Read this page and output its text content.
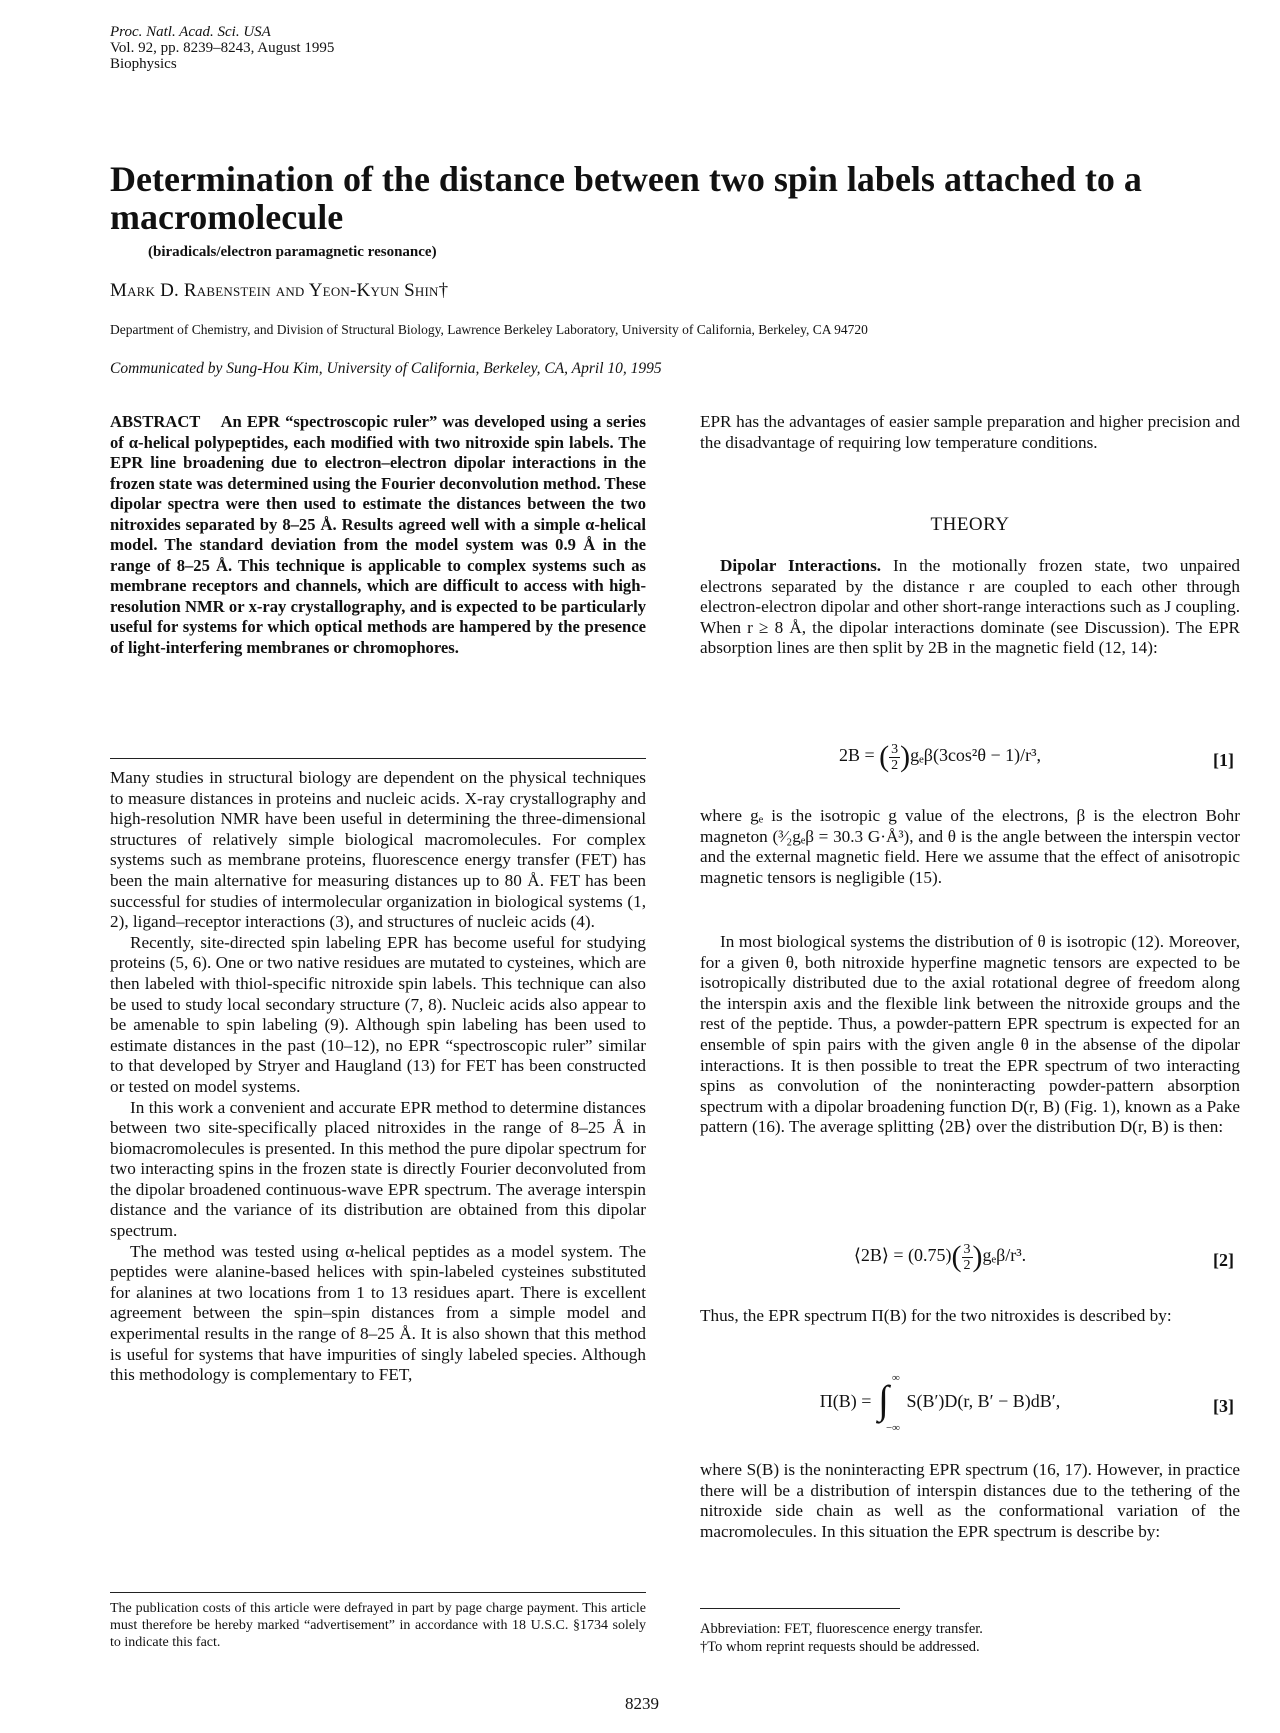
Proc. Natl. Acad. Sci. USA
Vol. 92, pp. 8239–8243, August 1995
Biophysics
Determination of the distance between two spin labels attached to a macromolecule
(biradicals/electron paramagnetic resonance)
Mark D. Rabenstein and Yeon-Kyun Shin†
Department of Chemistry, and Division of Structural Biology, Lawrence Berkeley Laboratory, University of California, Berkeley, CA 94720
Communicated by Sung-Hou Kim, University of California, Berkeley, CA, April 10, 1995
ABSTRACT An EPR “spectroscopic ruler” was developed using a series of α-helical polypeptides, each modified with two nitroxide spin labels. The EPR line broadening due to electron–electron dipolar interactions in the frozen state was determined using the Fourier deconvolution method. These dipolar spectra were then used to estimate the distances between the two nitroxides separated by 8–25 Å. Results agreed well with a simple α-helical model. The standard deviation from the model system was 0.9 Å in the range of 8–25 Å. This technique is applicable to complex systems such as membrane receptors and channels, which are difficult to access with high-resolution NMR or x-ray crystallography, and is expected to be particularly useful for systems for which optical methods are hampered by the presence of light-interfering membranes or chromophores.

Many studies in structural biology are dependent on the physical techniques to measure distances in proteins and nucleic acids. X-ray crystallography and high-resolution NMR have been useful in determining the three-dimensional structures of relatively simple biological macromolecules. For complex systems such as membrane proteins, fluorescence energy transfer (FET) has been the main alternative for measuring distances up to 80 Å. FET has been successful for studies of intermolecular organization in biological systems (1, 2), ligand–receptor interactions (3), and structures of nucleic acids (4).

Recently, site-directed spin labeling EPR has become useful for studying proteins (5, 6). One or two native residues are mutated to cysteines, which are then labeled with thiol-specific nitroxide spin labels. This technique can also be used to study local secondary structure (7, 8). Nucleic acids also appear to be amenable to spin labeling (9). Although spin labeling has been used to estimate distances in the past (10–12), no EPR “spectroscopic ruler” similar to that developed by Stryer and Haugland (13) for FET has been constructed or tested on model systems.

In this work a convenient and accurate EPR method to determine distances between two site-specifically placed nitroxides in the range of 8–25 Å in biomacromolecules is presented. In this method the pure dipolar spectrum for two interacting spins in the frozen state is directly Fourier deconvoluted from the dipolar broadened continuous-wave EPR spectrum. The average interspin distance and the variance of its distribution are obtained from this dipolar spectrum.

The method was tested using α-helical peptides as a model system. The peptides were alanine-based helices with spin-labeled cysteines substituted for alanines at two locations from 1 to 13 residues apart. There is excellent agreement between the spin–spin distances from a simple model and experimental results in the range of 8–25 Å. It is also shown that this method is useful for systems that have impurities of singly labeled species. Although this methodology is complementary to FET,

The publication costs of this article were defrayed in part by page charge payment. This article must therefore be hereby marked “advertisement” in accordance with 18 U.S.C. §1734 solely to indicate this fact.
EPR has the advantages of easier sample preparation and higher precision and the disadvantage of requiring low temperature conditions.
THEORY

Dipolar Interactions. In the motionally frozen state, two unpaired electrons separated by the distance r are coupled to each other through electron-electron dipolar and other short-range interactions such as J coupling. When r ≥ 8 Å, the dipolar interactions dominate (see Discussion). The EPR absorption lines are then split by 2B in the magnetic field (12, 14):

2B = ( $\frac{3}{2} )g_e\beta(3\cos^2\theta - 1)/r^3$,	[1]
where gₑ is the isotropic g value of the electrons, β is the electron Bohr magneton (³⁄₂gₑβ = 30.3 G·Å³), and θ is the angle between the interspin vector and the external magnetic field. Here we assume that the effect of anisotropic magnetic tensors is negligible (15).

In most biological systems the distribution of θ is isotropic (12). Moreover, for a given θ, both nitroxide hyperfine magnetic tensors are expected to be isotropically distributed due to the axial rotational degree of freedom along the interspin axis and the flexible link between the nitroxide groups and the rest of the peptide. Thus, a powder-pattern EPR spectrum is expected for an ensemble of spin pairs with the given angle θ in the absense of the dipolar interactions. It is then possible to treat the EPR spectrum of two interacting spins as convolution of the noninteracting powder-pattern absorption spectrum with a dipolar broadening function D(r, B) (Fig. 1), known as a Pake pattern (16). The average splitting ⟨2B⟩ over the distribution D(r, B) is then:

⟨2B⟩ = $(0.75)( \frac{3}{2} )g_e\beta/r^3$.	[2]
Thus, the EPR spectrum Π(B) for the two nitroxides is described by:
Π(B) = ∫ ∞
−∞
S(B′)D(r, B′ − B)dB′,	[3]
where S(B) is the noninteracting EPR spectrum (16, 17). However, in practice there will be a distribution of interspin distances due to the tethering of the nitroxide side chain as well as the conformational variation of the macromolecules. In this situation the EPR spectrum is describe by:
Abbreviation: FET, fluorescence energy transfer.
†To whom reprint requests should be addressed.
8239
